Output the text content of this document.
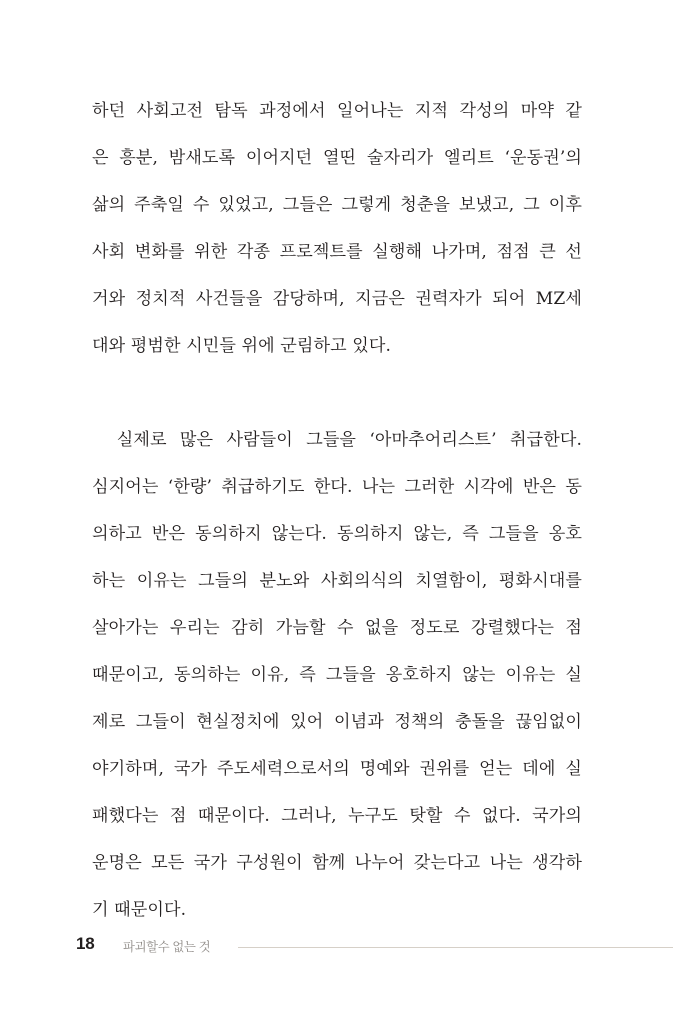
하던 사회고전 탐독 과정에서 일어나는 지적 각성의 마약 같
은 흥분, 밤새도록 이어지던 열띤 술자리가 엘리트 ‘운동권’의
삶의 주축일 수 있었고, 그들은 그렇게 청춘을 보냈고, 그 이후
사회 변화를 위한 각종 프로젝트를 실행해 나가며, 점점 큰 선
거와 정치적 사건들을 감당하며, 지금은 권력자가 되어 MZ세
대와 평범한 시민들 위에 군림하고 있다.
실제로 많은 사람들이 그들을 ‘아마추어리스트’ 취급한다.
심지어는 ‘한량’ 취급하기도 한다. 나는 그러한 시각에 반은 동
의하고 반은 동의하지 않는다. 동의하지 않는, 즉 그들을 옹호
하는 이유는 그들의 분노와 사회의식의 치열함이, 평화시대를
살아가는 우리는 감히 가늠할 수 없을 정도로 강렬했다는 점
때문이고, 동의하는 이유, 즉 그들을 옹호하지 않는 이유는 실
제로 그들이 현실정치에 있어 이념과 정책의 충돌을 끊임없이
야기하며, 국가 주도세력으로서의 명예와 권위를 얻는 데에 실
패했다는 점 때문이다. 그러나, 누구도 탓할 수 없다. 국가의
운명은 모든 국가 구성원이 함께 나누어 갖는다고 나는 생각하
기 때문이다.
18 파괴할수 없는 것
